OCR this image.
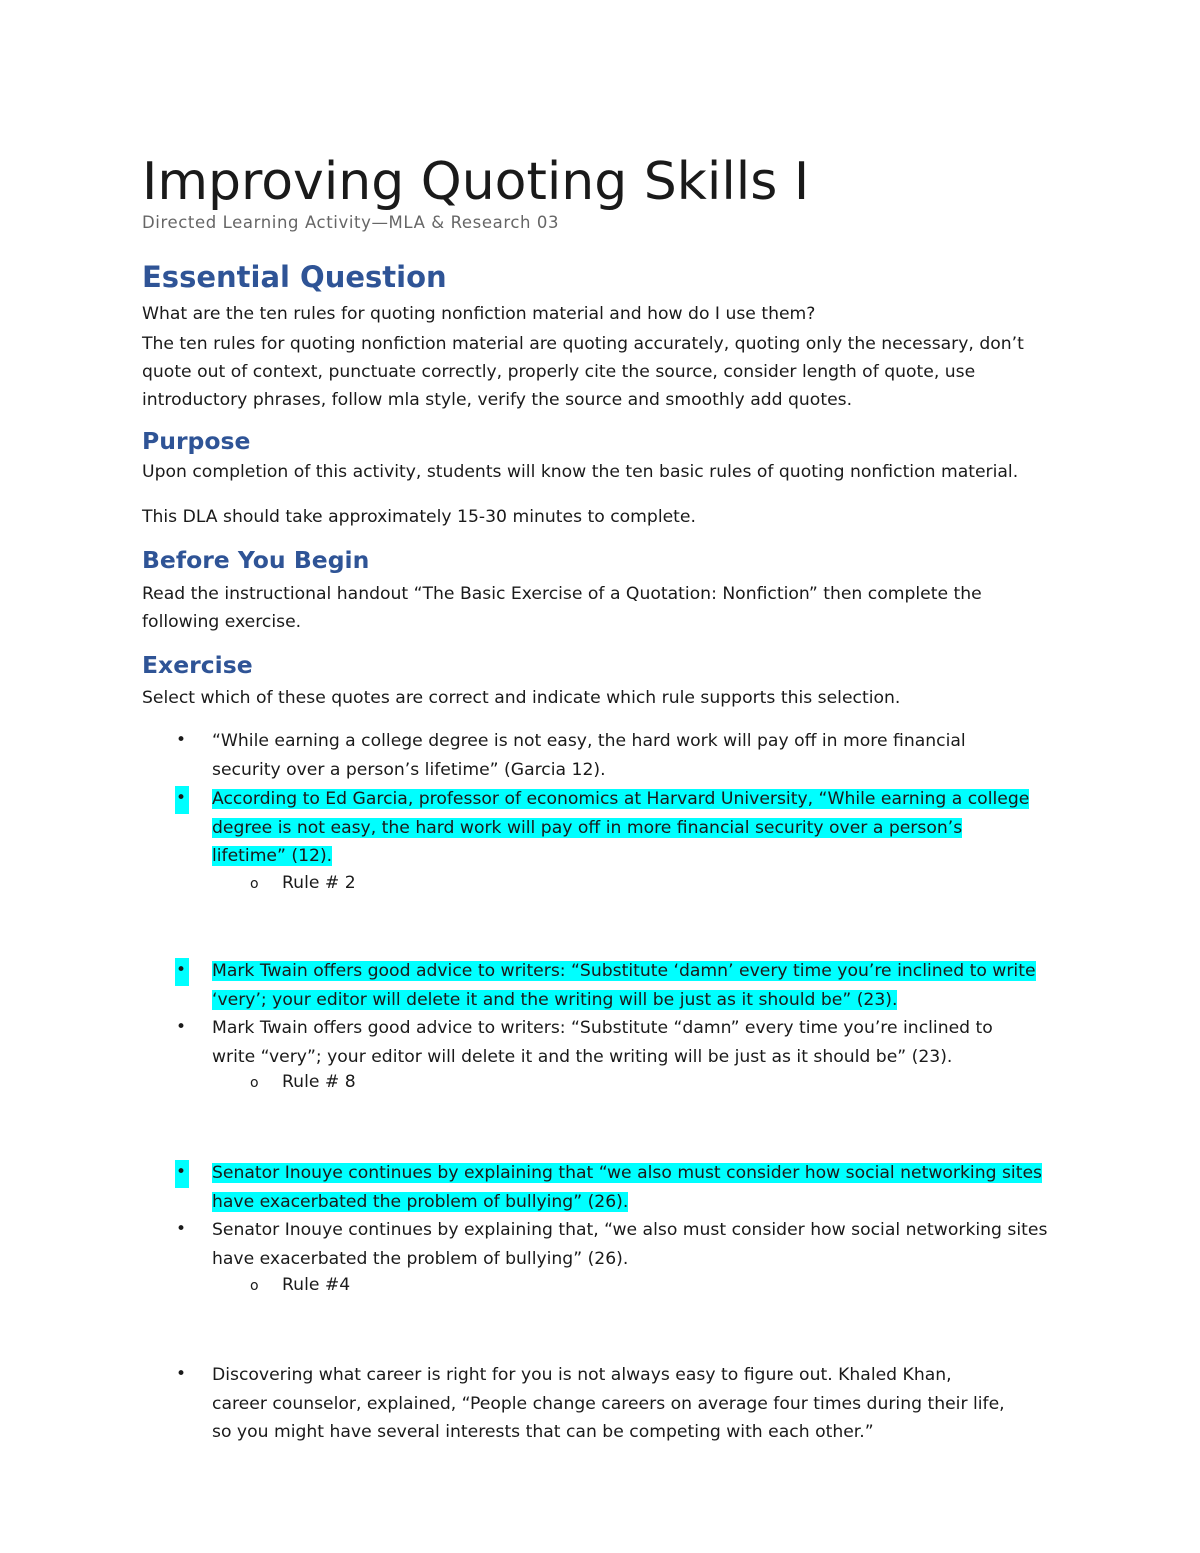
Improving Quoting Skills I
Directed Learning Activity—MLA & Research 03
Essential Question
What are the ten rules for quoting nonfiction material and how do I use them?
The ten rules for quoting nonfiction material are quoting accurately, quoting only the necessary, don’t quote out of context, punctuate correctly, properly cite the source, consider length of quote, use introductory phrases, follow mla style, verify the source and smoothly add quotes.
Purpose
Upon completion of this activity, students will know the ten basic rules of quoting nonfiction material.
This DLA should take approximately 15-30 minutes to complete.
Before You Begin
Read the instructional handout “The Basic Exercise of a Quotation: Nonfiction” then complete the following exercise.
Exercise
Select which of these quotes are correct and indicate which rule supports this selection.
• “While earning a college degree is not easy, the hard work will pay off in more financial
security over a person’s lifetime” (Garcia 12).
• According to Ed Garcia, professor of economics at Harvard University, “While earning a college
degree is not easy, the hard work will pay off in more financial security over a person’s
lifetime” (12).
o Rule # 2
• Mark Twain offers good advice to writers: “Substitute ‘damn’ every time you’re inclined to write
‘very’; your editor will delete it and the writing will be just as it should be” (23).
• Mark Twain offers good advice to writers: “Substitute “damn” every time you’re inclined to
write “very”; your editor will delete it and the writing will be just as it should be” (23).
o Rule # 8
• Senator Inouye continues by explaining that “we also must consider how social networking sites
have exacerbated the problem of bullying” (26).
• Senator Inouye continues by explaining that, “we also must consider how social networking sites
have exacerbated the problem of bullying” (26).
o Rule #4
• Discovering what career is right for you is not always easy to figure out. Khaled Khan,
career counselor, explained, “People change careers on average four times during their life,
so you might have several interests that can be competing with each other.”
